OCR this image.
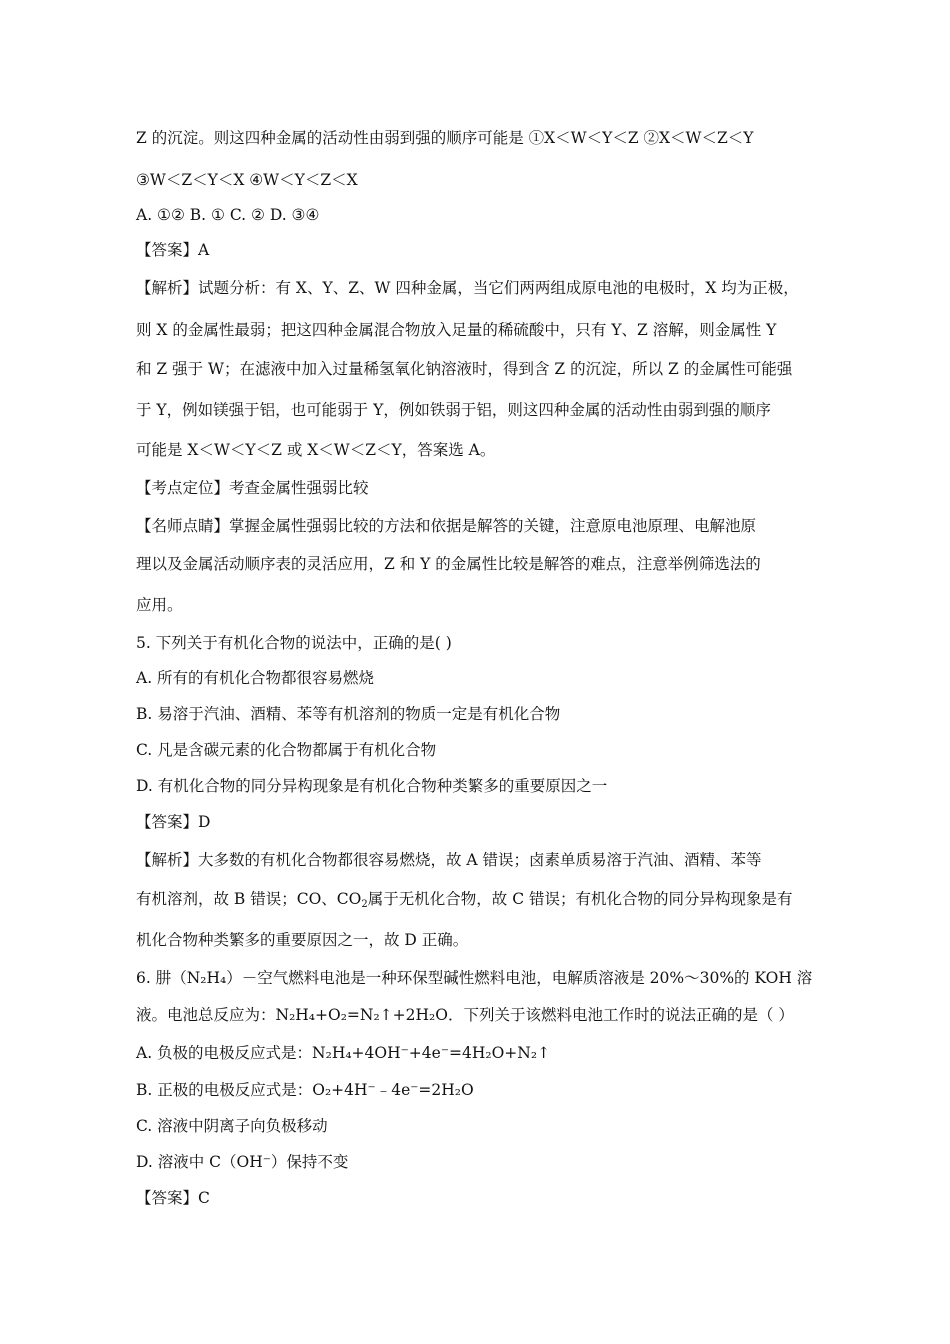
Z 的沉淀。则这四种金属的活动性由弱到强的顺序可能是 ①X＜W＜Y＜Z ②X＜W＜Z＜Y
③W＜Z＜Y＜X ④W＜Y＜Z＜X
A. ①② B. ① C. ② D. ③④
【答案】A
【解析】试题分析：有 X、Y、Z、W 四种金属，当它们两两组成原电池的电极时，X 均为正极，
则 X 的金属性最弱；把这四种金属混合物放入足量的稀硫酸中，只有 Y、Z 溶解，则金属性 Y
和 Z 强于 W；在滤液中加入过量稀氢氧化钠溶液时，得到含 Z 的沉淀，所以 Z 的金属性可能强
于 Y，例如镁强于铝，也可能弱于 Y，例如铁弱于铝，则这四种金属的活动性由弱到强的顺序
可能是 X＜W＜Y＜Z 或 X＜W＜Z＜Y，答案选 A。
【考点定位】考查金属性强弱比较
【名师点睛】掌握金属性强弱比较的方法和依据是解答的关键，注意原电池原理、电解池原
理以及金属活动顺序表的灵活应用，Z 和 Y 的金属性比较是解答的难点，注意举例筛选法的
应用。
5. 下列关于有机化合物的说法中，正确的是( )
A. 所有的有机化合物都很容易燃烧
B. 易溶于汽油、酒精、苯等有机溶剂的物质一定是有机化合物
C. 凡是含碳元素的化合物都属于有机化合物
D. 有机化合物的同分异构现象是有机化合物种类繁多的重要原因之一
【答案】D
【解析】大多数的有机化合物都很容易燃烧，故 A 错误；卤素单质易溶于汽油、酒精、苯等
有机溶剂，故 B 错误；CO、$CO_2$属于无机化合物，故 C 错误；有机化合物的同分异构现象是有
机化合物种类繁多的重要原因之一，故 D 正确。
6. 肼（N₂H₄）－空气燃料电池是一种环保型碱性燃料电池，电解质溶液是 20%～30%的 KOH 溶
液。电池总反应为：N₂H₄+O₂=N₂↑+2H₂O．下列关于该燃料电池工作时的说法正确的是（ ）
A. 负极的电极反应式是：N₂H₄+4OH⁻+4e⁻=4H₂O+N₂↑
B. 正极的电极反应式是：O₂+4H⁻﹣4e⁻=2H₂O
C. 溶液中阴离子向负极移动
D. 溶液中 C（OH⁻）保持不变
【答案】C
